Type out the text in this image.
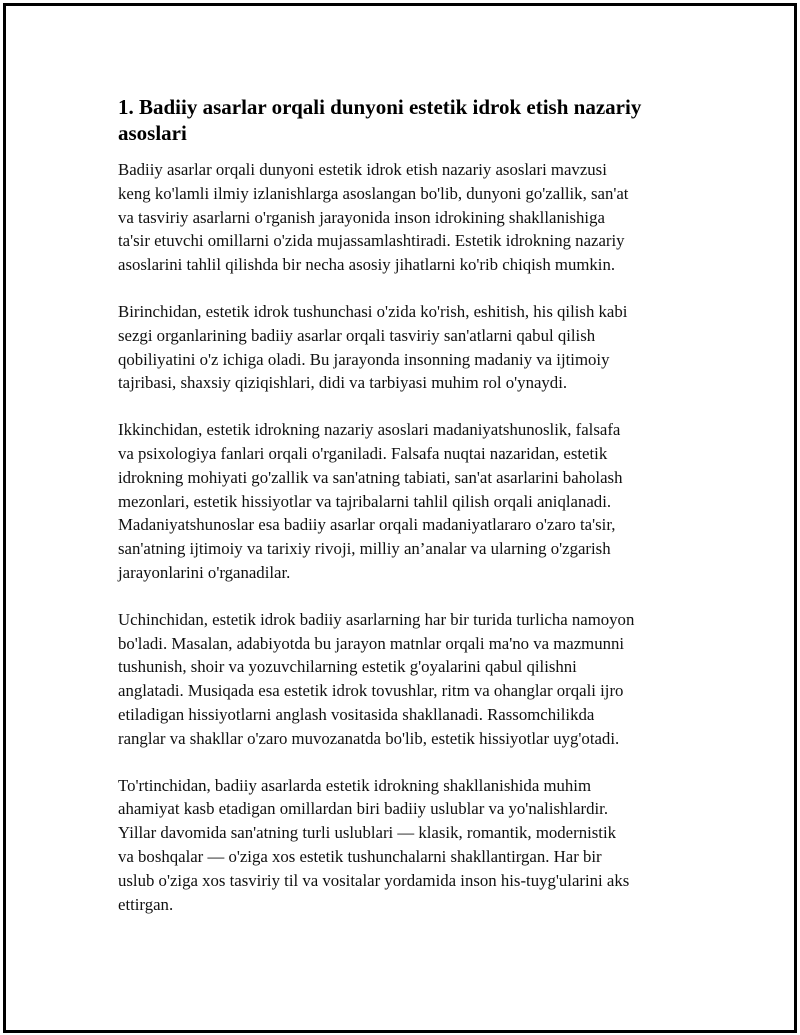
1. Badiiy asarlar orqali dunyoni estetik idrok etish nazariy
asoslari

Badiiy asarlar orqali dunyoni estetik idrok etish nazariy asoslari mavzusi
keng ko'lamli ilmiy izlanishlarga asoslangan bo'lib, dunyoni go'zallik, san'at
va tasviriy asarlarni o'rganish jarayonida inson idrokining shakllanishiga
ta'sir etuvchi omillarni o'zida mujassamlashtiradi. Estetik idrokning nazariy
asoslarini tahlil qilishda bir necha asosiy jihatlarni ko'rib chiqish mumkin.

Birinchidan, estetik idrok tushunchasi o'zida ko'rish, eshitish, his qilish kabi
sezgi organlarining badiiy asarlar orqali tasviriy san'atlarni qabul qilish
qobiliyatini o'z ichiga oladi. Bu jarayonda insonning madaniy va ijtimoiy
tajribasi, shaxsiy qiziqishlari, didi va tarbiyasi muhim rol o'ynaydi.

Ikkinchidan, estetik idrokning nazariy asoslari madaniyatshunoslik, falsafa
va psixologiya fanlari orqali o'rganiladi. Falsafa nuqtai nazaridan, estetik
idrokning mohiyati go'zallik va san'atning tabiati, san'at asarlarini baholash
mezonlari, estetik hissiyotlar va tajribalarni tahlil qilish orqali aniqlanadi.
Madaniyatshunoslar esa badiiy asarlar orqali madaniyatlararo o'zaro ta'sir,
san'atning ijtimoiy va tarixiy rivoji, milliy an’analar va ularning o'zgarish
jarayonlarini o'rganadilar.

Uchinchidan, estetik idrok badiiy asarlarning har bir turida turlicha namoyon
bo'ladi. Masalan, adabiyotda bu jarayon matnlar orqali ma'no va mazmunni
tushunish, shoir va yozuvchilarning estetik g'oyalarini qabul qilishni
anglatadi. Musiqada esa estetik idrok tovushlar, ritm va ohanglar orqali ijro
etiladigan hissiyotlarni anglash vositasida shakllanadi. Rassomchilikda
ranglar va shakllar o'zaro muvozanatda bo'lib, estetik hissiyotlar uyg'otadi.

To'rtinchidan, badiiy asarlarda estetik idrokning shakllanishida muhim
ahamiyat kasb etadigan omillardan biri badiiy uslublar va yo'nalishlardir.
Yillar davomida san'atning turli uslublari — klasik, romantik, modernistik
va boshqalar — o'ziga xos estetik tushunchalarni shakllantirgan. Har bir
uslub o'ziga xos tasviriy til va vositalar yordamida inson his-tuyg'ularini aks
ettirgan.
